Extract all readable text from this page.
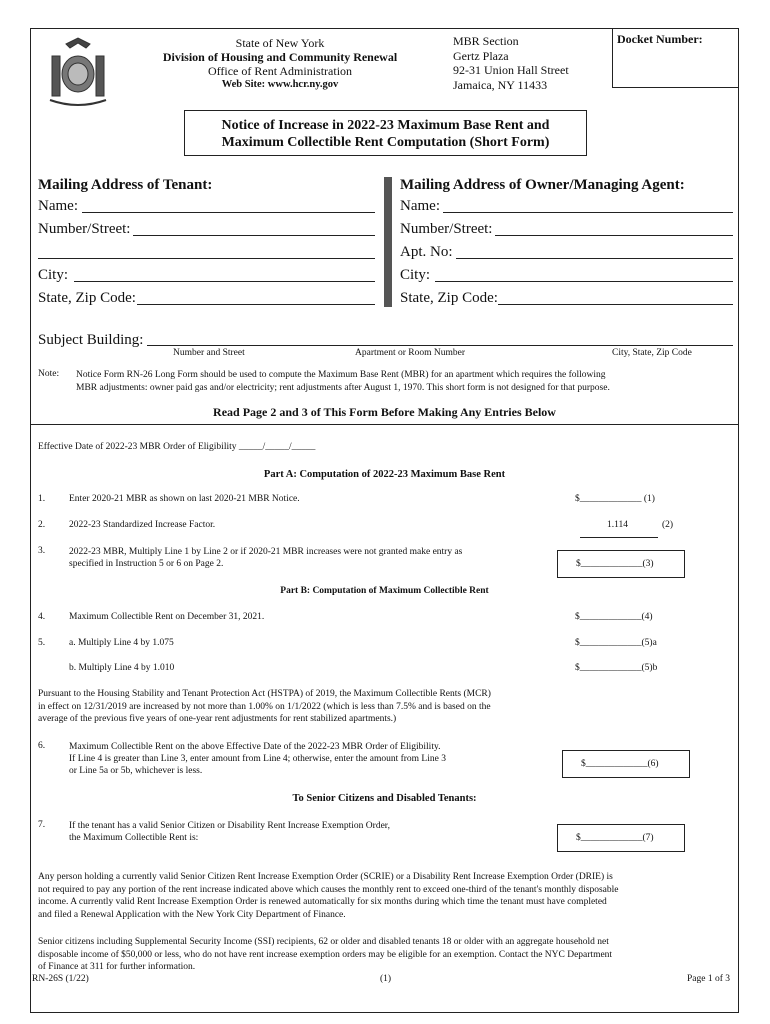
State of New York
Division of Housing and Community Renewal
Office of Rent Administration
Web Site: www.hcr.ny.gov
MBR Section
Gertz Plaza
92-31 Union Hall Street
Jamaica, NY 11433
Docket Number:
Notice of Increase in 2022-23 Maximum Base Rent and
Maximum Collectible Rent Computation (Short Form)
Mailing Address of Tenant:
Name:
Number/Street:
City:
State, Zip Code:
Mailing Address of Owner/Managing Agent:
Name:
Number/Street:
Apt. No:
City:
State, Zip Code:
Subject Building:
Number and Street	Apartment or Room Number	City, State, Zip Code
Note: Notice Form RN-26 Long Form should be used to compute the Maximum Base Rent (MBR) for an apartment which requires the following
MBR adjustments: owner paid gas and/or electricity; rent adjustments after August 1, 1970. This short form is not designed for that purpose.
Read Page 2 and 3 of This Form Before Making Any Entries Below
Effective Date of 2022-23 MBR Order of Eligibility _____/_____/_____
Part A: Computation of 2022-23 Maximum Base Rent
1.	Enter 2020-21 MBR as shown on last 2020-21 MBR Notice.	$_____________ (1)
2.	2022-23 Standardized Increase Factor.	1.114	(2)
3.	2022-23 MBR, Multiply Line 1 by Line 2 or if 2020-21 MBR increases were not granted make entry as
specified in Instruction 5 or 6 on Page 2.	$_____________(3)
Part B: Computation of Maximum Collectible Rent
4.	Maximum Collectible Rent on December 31, 2021.	$_____________(4)
5.	a. Multiply Line 4 by 1.075	$_____________(5)a
b. Multiply Line 4 by 1.010	$_____________(5)b
Pursuant to the Housing Stability and Tenant Protection Act (HSTPA) of 2019, the Maximum Collectible Rents (MCR)
in effect on 12/31/2019 are increased by not more than 1.00% on 1/1/2022 (which is less than 7.5% and is based on the
average of the previous five years of one-year rent adjustments for rent stabilized apartments.)
6.	Maximum Collectible Rent on the above Effective Date of the 2022-23 MBR Order of Eligibility.
If Line 4 is greater than Line 3, enter amount from Line 4; otherwise, enter the amount from Line 3
or Line 5a or 5b, whichever is less.
$_____________(6)
To Senior Citizens and Disabled Tenants:
7.	If the tenant has a valid Senior Citizen or Disability Rent Increase Exemption Order,
the Maximum Collectible Rent is:	$_____________(7)
Any person holding a currently valid Senior Citizen Rent Increase Exemption Order (SCRIE) or a Disability Rent Increase Exemption Order (DRIE) is
not required to pay any portion of the rent increase indicated above which causes the monthly rent to exceed one-third of the tenant's monthly disposable
income. A currently valid Rent Increase Exemption Order is renewed automatically for six months during which time the tenant must have completed
and filed a Renewal Application with the New York City Department of Finance.
Senior citizens including Supplemental Security Income (SSI) recipients, 62 or older and disabled tenants 18 or older with an aggregate household net
disposable income of $50,000 or less, who do not have rent increase exemption orders may be eligible for an exemption. Contact the NYC Department
of Finance at 311 for further information.
RN-26S (1/22)	(1)	Page 1 of 3
